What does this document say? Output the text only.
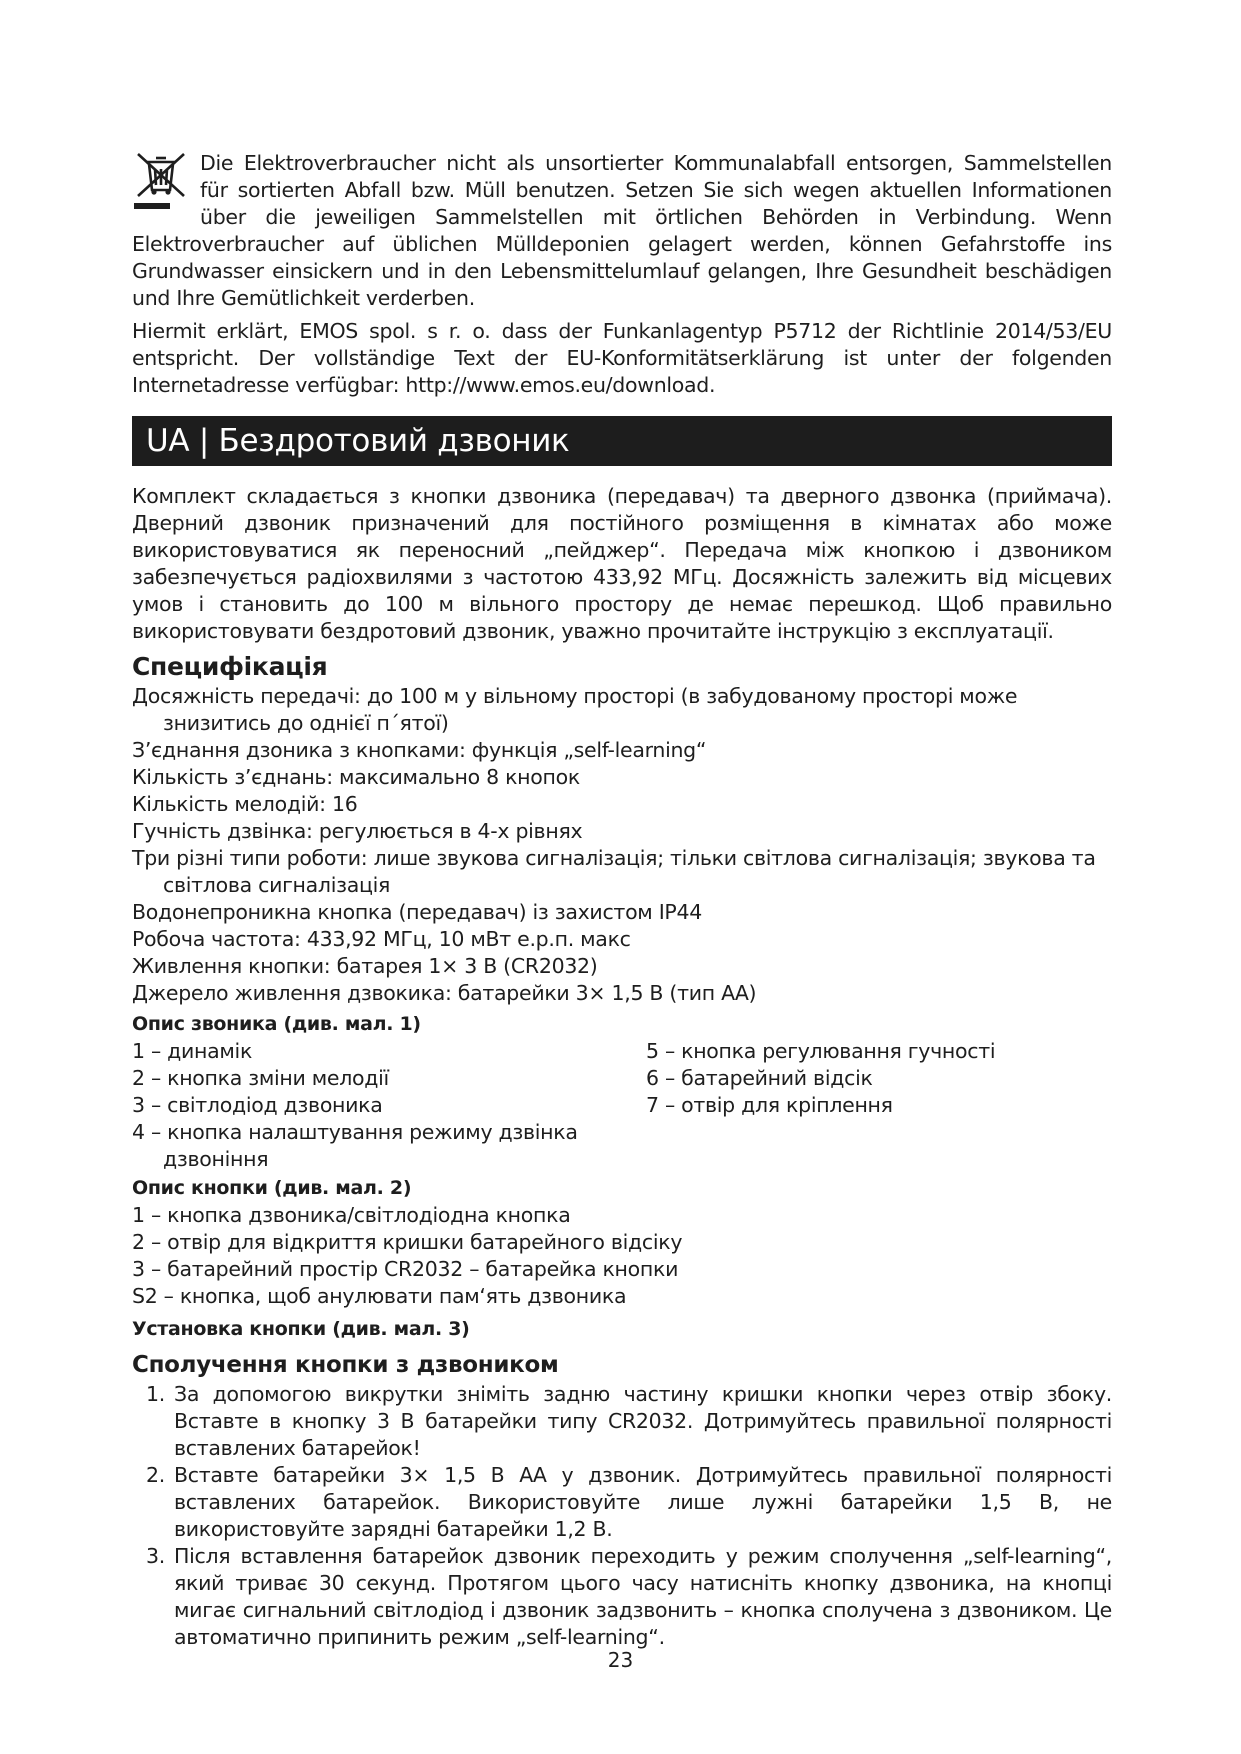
Die Elektroverbraucher nicht als unsortierter Kommunalabfall entsorgen, Sammelstellen für sortierten Abfall bzw. Müll benutzen. Setzen Sie sich wegen aktuellen Informationen über die jeweiligen Sammelstellen mit örtlichen Behörden in Verbindung. Wenn Elektroverbraucher auf üblichen Mülldeponien gelagert werden, können Gefahrstoffe ins Grundwasser einsickern und in den Lebensmittelumlauf gelangen, Ihre Gesundheit beschädigen und Ihre Gemütlichkeit verderben.

Hiermit erklärt, EMOS spol. s r. o. dass der Funkanlagentyp P5712 der Richtlinie 2014/53/EU entspricht. Der vollständige Text der EU-Konformitätserklärung ist unter der folgenden Internetadresse verfügbar: http://www.emos.eu/download.

UA | Бездротовий дзвоник

Комплект складається з кнопки дзвоника (передавач) та дверного дзвонка (приймача). Дверний дзвоник призначений для постійного розміщення в кімнатах або може використовуватися як переносний „пейджер“. Передача між кнопкою і дзвоником забезпечується радіохвилями з частотою 433,92 МГц. Досяжність залежить від місцевих умов і становить до 100 м вільного простору де немає перешкод. Щоб правильно використовувати бездротовий дзвоник, уважно прочитайте інструкцію з експлуатації.

Специфікація

Досяжність передачі: до 100 м у вільному просторі (в забудованому просторі може знизитись до однієї п´ятої)

З’єднання дзоника з кнопками: функція „self-learning“

Кількість з’єднань: максимально 8 кнопок

Кількість мелодій: 16

Гучність дзвінка: регулюється в 4-х рівнях

Три різні типи роботи: лише звукова сигналізація; тільки світлова сигналізація; звукова та світлова сигналізація

Водонепроникна кнопка (передавач) із захистом IP44

Робоча частота: 433,92 МГц, 10 мВт е.р.п. макс

Живлення кнопки: батарея 1× 3 В (CR2032)

Джерело живлення дзвокика: батарейки 3× 1,5 В (тип АА)

Опис звоника (див. мал. 1)
1 – динамік
2 – кнопка зміни мелодії
3 – світлодіод дзвоника
4 – кнопка налаштування режиму дзвінка
5 – кнопка регулювання гучності
6 – батарейний відсік
7 – отвір для кріплення
дзвоніння
Опис кнопки (див. мал. 2)
1 – кнопка дзвоника/світлодіодна кнопка
2 – отвір для відкриття кришки батарейного відсіку
3 – батарейний простір CR2032 – батарейка кнопки
S2 – кнопка, щоб анулювати пам‘ять дзвоника
Установка кнопки (див. мал. 3)
Сполучення кнопки з дзвоником
1. За допомогою викрутки зніміть задню частину кришки кнопки через отвір збоку. Вставте в кнопку 3 В батарейки типу CR2032. Дотримуйтесь правильної полярності вставлених батарейок!
2. Вставте батарейки 3× 1,5 В АА у дзвоник. Дотримуйтесь правильної полярності вставлених батарейок. Використовуйте лише лужні батарейки 1,5 В, не використовуйте зарядні батарейки 1,2 В.
3. Після вставлення батарейок дзвоник переходить у режим сполучення „self-learning“, який триває 30 секунд. Протягом цього часу натисніть кнопку дзвоника, на кнопці мигає сигнальний світлодіод і дзвоник задзвонить – кнопка сполучена з дзвоником. Це автоматично припинить режим „self-learning“.
23
